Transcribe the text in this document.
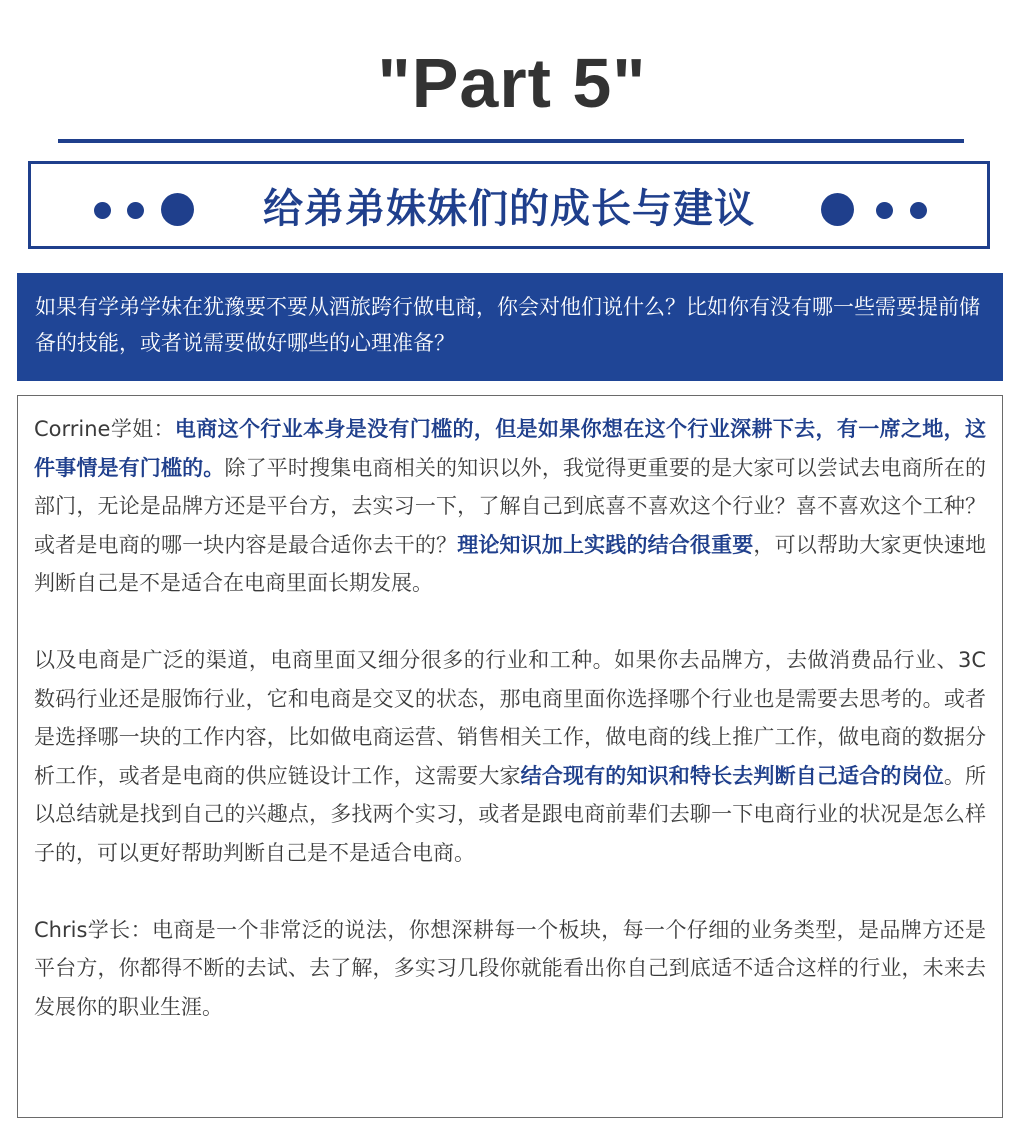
"Part 5"
给弟弟妹妹们的成长与建议
如果有学弟学妹在犹豫要不要从酒旅跨行做电商，你会对他们说什么？比如你有没有哪一些需要提前储备的技能，或者说需要做好哪些的心理准备？

Corrine学姐：电商这个行业本身是没有门槛的，但是如果你想在这个行业深耕下去，有一席之地，这件事情是有门槛的。除了平时搜集电商相关的知识以外，我觉得更重要的是大家可以尝试去电商所在的部门，无论是品牌方还是平台方，去实习一下，了解自己到底喜不喜欢这个行业？喜不喜欢这个工种？或者是电商的哪一块内容是最合适你去干的？理论知识加上实践的结合很重要，可以帮助大家更快速地判断自己是不是适合在电商里面长期发展。

以及电商是广泛的渠道，电商里面又细分很多的行业和工种。如果你去品牌方，去做消费品行业、3C数码行业还是服饰行业，它和电商是交叉的状态，那电商里面你选择哪个行业也是需要去思考的。或者是选择哪一块的工作内容，比如做电商运营、销售相关工作，做电商的线上推广工作，做电商的数据分析工作，或者是电商的供应链设计工作，这需要大家结合现有的知识和特长去判断自己适合的岗位。所以总结就是找到自己的兴趣点，多找两个实习，或者是跟电商前辈们去聊一下电商行业的状况是怎么样子的，可以更好帮助判断自己是不是适合电商。

Chris学长：电商是一个非常泛的说法，你想深耕每一个板块，每一个仔细的业务类型，是品牌方还是平台方，你都得不断的去试、去了解，多实习几段你就能看出你自己到底适不适合这样的行业，未来去发展你的职业生涯。
